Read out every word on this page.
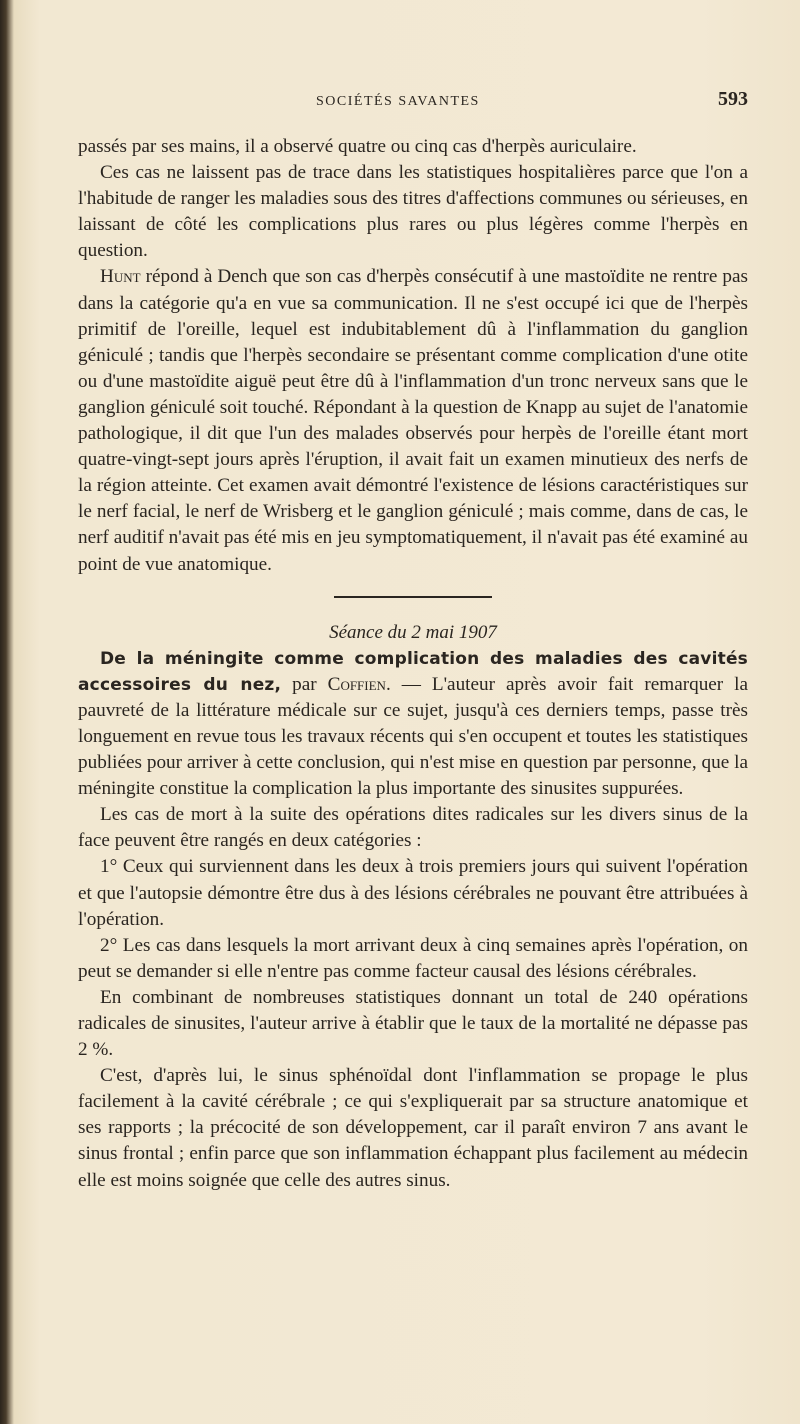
SOCIÉTÉS SAVANTES	593

passés par ses mains, il a observé quatre ou cinq cas d'herpès auriculaire.

Ces cas ne laissent pas de trace dans les statistiques hospitalières parce que l'on a l'habitude de ranger les maladies sous des titres d'affections communes ou sérieuses, en laissant de côté les complications plus rares ou plus légères comme l'herpès en question.

Hunt répond à Dench que son cas d'herpès consécutif à une mastoïdite ne rentre pas dans la catégorie qu'a en vue sa communication. Il ne s'est occupé ici que de l'herpès primitif de l'oreille, lequel est indubitablement dû à l'inflammation du ganglion géniculé ; tandis que l'herpès secondaire se présentant comme complication d'une otite ou d'une mastoïdite aiguë peut être dû à l'inflammation d'un tronc nerveux sans que le ganglion géniculé soit touché. Répondant à la question de Knapp au sujet de l'anatomie pathologique, il dit que l'un des malades observés pour herpès de l'oreille étant mort quatre-vingt-sept jours après l'éruption, il avait fait un examen minutieux des nerfs de la région atteinte. Cet examen avait démontré l'existence de lésions caractéristiques sur le nerf facial, le nerf de Wrisberg et le ganglion géniculé ; mais comme, dans de cas, le nerf auditif n'avait pas été mis en jeu symptomatiquement, il n'avait pas été examiné au point de vue anatomique.

Séance du 2 mai 1907

De la méningite comme complication des maladies des cavités accessoires du nez, par Coffien. — L'auteur après avoir fait remarquer la pauvreté de la littérature médicale sur ce sujet, jusqu'à ces derniers temps, passe très longuement en revue tous les travaux récents qui s'en occupent et toutes les statistiques publiées pour arriver à cette conclusion, qui n'est mise en question par personne, que la méningite constitue la complication la plus importante des sinusites suppurées.

Les cas de mort à la suite des opérations dites radicales sur les divers sinus de la face peuvent être rangés en deux catégories :

1° Ceux qui surviennent dans les deux à trois premiers jours qui suivent l'opération et que l'autopsie démontre être dus à des lésions cérébrales ne pouvant être attribuées à l'opération.

2° Les cas dans lesquels la mort arrivant deux à cinq semaines après l'opération, on peut se demander si elle n'entre pas comme facteur causal des lésions cérébrales.

En combinant de nombreuses statistiques donnant un total de 240 opérations radicales de sinusites, l'auteur arrive à établir que le taux de la mortalité ne dépasse pas 2 %.

C'est, d'après lui, le sinus sphénoïdal dont l'inflammation se propage le plus facilement à la cavité cérébrale ; ce qui s'expliquerait par sa structure anatomique et ses rapports ; la précocité de son développement, car il paraît environ 7 ans avant le sinus frontal ; enfin parce que son inflammation échappant plus facilement au médecin elle est moins soignée que celle des autres sinus.
